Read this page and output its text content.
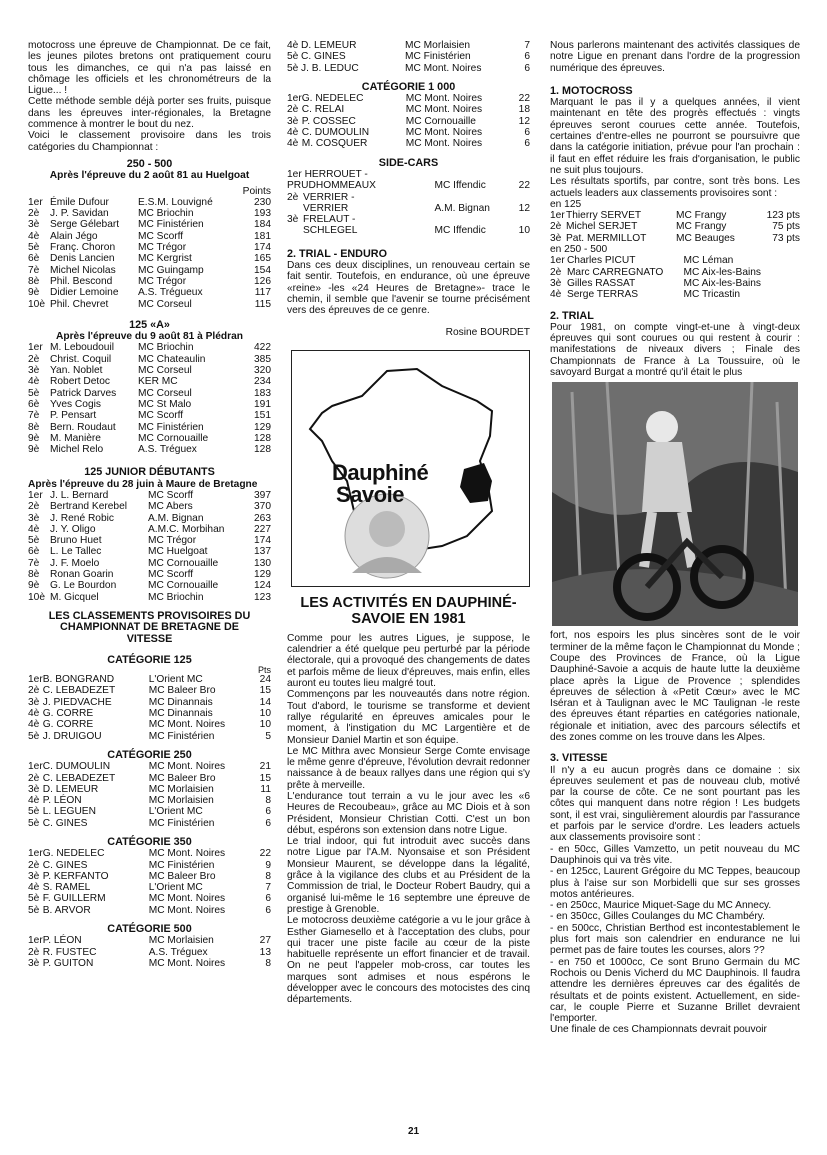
motocross une épreuve de Championnat. De ce fait, les jeunes pilotes bretons ont pratiquement couru tous les dimanches, ce qui n'a pas laissé en chômage les officiels et les chronométreurs de la Ligue... !

Cette méthode semble déjà porter ses fruits, puisque dans les épreuves inter-régionales, la Bretagne commence à montrer le bout du nez.

Voici le classement provisoire dans les trois catégories du Championnat :

250 - 500
Après l'épreuve du 2 août 81 au Huelgoat
Points
1er	Émile Dufour	E.S.M. Louvigné	230
2è	J. P. Savidan	MC Briochin	193
3è	Serge Gélebart	MC Finistérien	184
4è	Alain Jégo	MC Scorff	181
5è	Franç. Choron	MC Trégor	174
6è	Denis Lancien	MC Kergrist	165
7è	Michel Nicolas	MC Guingamp	154
8è	Phil. Bescond	MC Trégor	126
9è	Didier Lemoine	A.S. Trégueux	117
10è	Phil. Chevret	MC Corseul	115
125 «A»
Après l'épreuve du 9 août 81 à Plédran
1er	M. Leboudouil	MC Briochin	422
2è	Christ. Coquil	MC Chateaulin	385
3è	Yan. Noblet	MC Corseul	320
4è	Robert Detoc	KER MC	234
5è	Patrick Darves	MC Corseul	183
6è	Yves Cogis	MC St Malo	191
7è	P. Pensart	MC Scorff	151
8è	Bern. Roudaut	MC Finistérien	129
9è	M. Manière	MC Cornouaille	128
9è	Michel Relo	A.S. Tréguex	128
125 JUNIOR DÉBUTANTS
Après l'épreuve du 28 juin à Maure de Bretagne
1er	J. L. Bernard	MC Scorff	397
2è	Bertrand Kerebel	MC Abers	370
3è	J. René Robic	A.M. Bignan	263
4è	J. Y. Oligo	A.M.C. Morbihan	227
5è	Bruno Huet	MC Trégor	174
6è	L. Le Tallec	MC Huelgoat	137
7è	J. F. Moelo	MC Cornouaille	130
8è	Ronan Goarin	MC Scorff	129
9è	G. Le Bourdon	MC Cornouaille	124
10è	M. Gicquel	MC Briochin	123
LES CLASSEMENTS PROVISOIRES DU CHAMPIONNAT DE BRETAGNE DE VITESSE
CATÉGORIE 125
Pts
1er	B. BONGRAND	L'Orient MC	24
2è	C. LEBADEZET	MC Baleer Bro	15
3è	J. PIEDVACHE	MC Dinannais	14
4è	G. CORRE	MC Dinannais	10
4è	G. CORRE	MC Mont. Noires	10
5è	J. DRUIGOU	MC Finistérien	5
CATÉGORIE 250
1er	C. DUMOULIN	MC Mont. Noires	21
2è	C. LEBADEZET	MC Baleer Bro	15
3è	D. LEMEUR	MC Morlaisien	11
4è	P. LÉON	MC Morlaisien	8
5è	L. LEGUEN	L'Orient MC	6
5è	C. GINES	MC Finistérien	6
CATÉGORIE 350
1er	G. NEDELEC	MC Mont. Noires	22
2è	C. GINES	MC Finistérien	9
3è	P. KERFANTO	MC Baleer Bro	8
4è	S. RAMEL	L'Orient MC	7
5è	F. GUILLERM	MC Mont. Noires	6
5è	B. ARVOR	MC Mont. Noires	6
CATÉGORIE 500
1er	P. LÉON	MC Morlaisien	27
2è	R. FUSTEC	A.S. Tréguex	13
3è	P. GUITON	MC Mont. Noires	8
4è	D. LEMEUR	MC Morlaisien	7
5è	C. GINES	MC Finistérien	6
5è	J. B. LEDUC	MC Mont. Noires	6
CATÉGORIE 1 000
1er	G. NEDELEC	MC Mont. Noires	22
2è	C. RELAI	MC Mont. Noires	18
3è	P. COSSEC	MC Cornouaille	12
4è	C. DUMOULIN	MC Mont. Noires	6
4è	M. COSQUER	MC Mont. Noires	6
SIDE-CARS
1er HERROUET -			
PRUDHOMMEAUX		MC Iffendic	22
2è	VERRIER -		
	VERRIER	A.M. Bignan	12
3è	FRELAUT -		
	SCHLEGEL	MC Iffendic	10
2. TRIAL - ENDURO

Dans ces deux disciplines, un renouveau certain se fait sentir. Toutefois, en endurance, où une épreuve «reine» -les «24 Heures de Bretagne»- trace le chemin, il semble que l'avenir se tourne précisément vers des épreuves de ce genre.

Rosine BOURDET
Dauphiné
Savoie
LES ACTIVITÉS EN DAUPHINÉ-SAVOIE EN 1981

Comme pour les autres Ligues, je suppose, le calendrier a été quelque peu perturbé par la période électorale, qui a provoqué des changements de dates et parfois même de lieux d'épreuves, mais enfin, elles auront eu toutes lieu malgré tout.

Commençons par les nouveautés dans notre région. Tout d'abord, le tourisme se transforme et devient rallye régularité en épreuves amicales pour le moment, à l'instigation du MC Largentière et de Monsieur Daniel Martin et son équipe.

Le MC Mithra avec Monsieur Serge Comte envisage le même genre d'épreuve, l'évolution devrait redonner naissance à de beaux rallyes dans une région qui s'y prête à merveille.

L'endurance tout terrain a vu le jour avec les «6 Heures de Recoubeau», grâce au MC Diois et à son Président, Monsieur Christian Cotti. C'est un bon début, espérons son extension dans notre Ligue.

Le trial indoor, qui fut introduit avec succès dans notre Ligue par l'A.M. Nyonsaise et son Président Monsieur Maurent, se développe dans la légalité, grâce à la vigilance des clubs et au Président de la Commission de trial, le Docteur Robert Baudry, qui a organisé lui-même le 16 septembre une épreuve de prestige à Grenoble.

Le motocross deuxième catégorie a vu le jour grâce à Esther Giamesello et à l'acceptation des clubs, pour qui tracer une piste facile au cœur de la piste habituelle représente un effort financier et de travail. On ne peut l'appeler mob-cross, car toutes les marques sont admises et nous espérons le développer avec le concours des motocistes des cinq départements.

Nous parlerons maintenant des activités classiques de notre Ligue en prenant dans l'ordre de la progression numérique des épreuves.

1. MOTOCROSS

Marquant le pas il y a quelques années, il vient maintenant en tête des progrès effectués : vingts épreuves seront courues cette année. Toutefois, certaines d'entre-elles ne pourront se poursuivre que dans la catégorie initiation, prévue pour l'an prochain : il faut en effet réduire les frais d'organisation, le public ne suit plus toujours.

Les résultats sportifs, par contre, sont très bons. Les actuels leaders aux classements provisoires sont :

en 125
1er	Thierry SERVET	MC Frangy	123 pts
2è	Michel SERJET	MC Frangy	75 pts
3è	Pat. MERMILLOT	MC Beauges	73 pts
en 250 - 500
1er	Charles PICUT	MC Léman
2è	Marc CARREGNATO	MC Aix-les-Bains
3è	Gilles RASSAT	MC Aix-les-Bains
4è	Serge TERRAS	MC Tricastin
2. TRIAL

Pour 1981, on compte vingt-et-une à vingt-deux épreuves qui sont courues ou qui restent à courir : manifestations de niveaux divers ; Finale des Championnats de France à La Toussuire, où le savoyard Burgat a montré qu'il était le plus

fort, nos espoirs les plus sincères sont de le voir terminer de la même façon le Championnat du Monde ; Coupe des Provinces de France, où la Ligue Dauphiné-Savoie a acquis de haute lutte la deuxième place après la Ligue de Provence ; splendides épreuves de sélection à «Petit Cœur» avec le MC Iséran et à Taulignan avec le MC Taulignan -le reste des épreuves étant réparties en catégories nationale, régionale et initiation, avec des parcours sélectifs et des zones comme on les trouve dans les Alpes.

3. VITESSE

Il n'y a eu aucun progrès dans ce domaine : six épreuves seulement et pas de nouveau club, motivé par la course de côte. Ce ne sont pourtant pas les côtes qui manquent dans notre région ! Les budgets sont, il est vrai, singulièrement alourdis par l'assurance et parfois par le service d'ordre. Les leaders actuels aux classements provisoire sont :

- en 50cc, Gilles Vamzetto, un petit nouveau du MC Dauphinois qui va très vite.

- en 125cc, Laurent Grégoire du MC Teppes, beaucoup plus à l'aise sur son Morbidelli que sur ses grosses motos antérieures.

- en 250cc, Maurice Miquet-Sage du MC Annecy.

- en 350cc, Gilles Coulanges du MC Chambéry.

- en 500cc, Christian Berthod est incontestablement le plus fort mais son calendrier en endurance ne lui permet pas de faire toutes les courses, alors ??

- en 750 et 1000cc, Ce sont Bruno Germain du MC Rochois ou Denis Vicherd du MC Dauphinois. Il faudra attendre les dernières épreuves car des égalités de résultats et de points existent. Actuellement, en side-car, le couple Pierre et Suzanne Brillet devraient l'emporter.

Une finale de ces Championnats devrait pouvoir

21
